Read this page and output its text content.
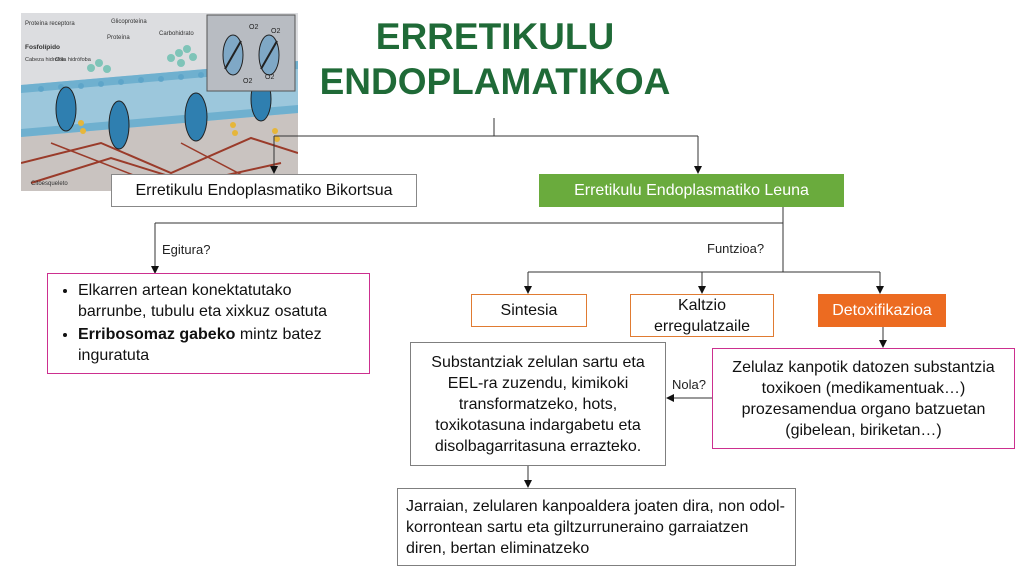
Proteína receptora	Glicoproteína
Carbohidrato
Proteína
Fosfolípido
Cabeza hidrófila
Cola hidrófoba
Citoesqueleto
O2
O2
O2
O2
ERRETIKULU
ENDOPLAMATIKOA
Erretikulu Endoplasmatiko Bikortsua	Erretikulu Endoplasmatiko Leuna
Egitura?	Funtzioa?
Nola?
• Elkarren artean konektatutako barrunbe, tubulu eta xixkuz osatuta
• Erribosomaz gabeko mintz batez inguratuta
Sintesia	Kaltzio erregulatzaile
Detoxifikazioa
Substantziak zelulan sartu eta EEL-ra zuzendu, kimikoki transformatzeko, hots, toxikotasuna indargabetu eta disolbagarritasuna errazteko.
Zelulaz kanpotik datozen substantzia toxikoen (medikamentuak…) prozesamendua organo batzuetan (gibelean, biriketan…)
Jarraian, zelularen kanpoaldera joaten dira, non odol-korrontean sartu eta giltzurruneraino garraiatzen diren, bertan eliminatzeko
